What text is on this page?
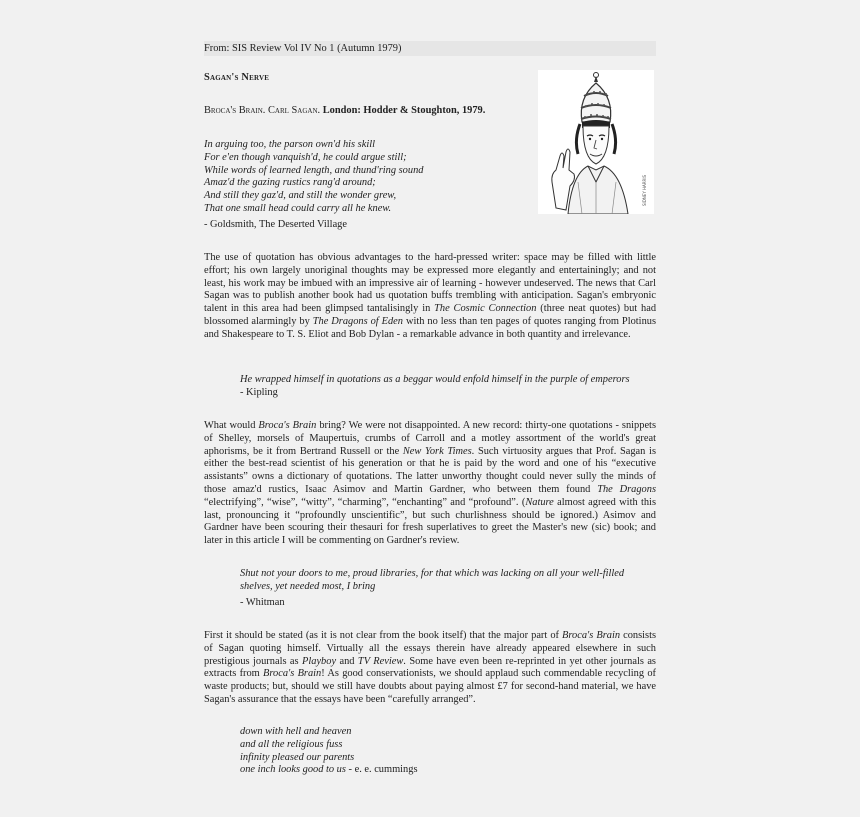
From: SIS Review Vol IV No 1 (Autumn 1979)
Sagan's Nerve
Broca's Brain. Carl Sagan. London: Hodder & Stoughton, 1979.
In arguing too, the parson own'd his skill
For e'en though vanquish'd, he could argue still;
While words of learned length, and thund'ring sound
Amaz'd the gazing rustics rang'd around;
And still they gaz'd, and still the wonder grew,
That one small head could carry all he knew.
- Goldsmith, The Deserted Village
SIDNEY HARRIS
The use of quotation has obvious advantages to the hard-pressed writer: space may be filled with little effort; his own largely unoriginal thoughts may be expressed more elegantly and entertainingly; and not least, his work may be imbued with an impressive air of learning - however undeserved. The news that Carl Sagan was to publish another book had us quotation buffs trembling with anticipation. Sagan's embryonic talent in this area had been glimpsed tantalisingly in The Cosmic Connection (three neat quotes) but had blossomed alarmingly by The Dragons of Eden with no less than ten pages of quotes ranging from Plotinus and Shakespeare to T. S. Eliot and Bob Dylan - a remarkable advance in both quantity and irrelevance.
He wrapped himself in quotations as a beggar would enfold himself in the purple of emperors
- Kipling
What would Broca's Brain bring? We were not disappointed. A new record: thirty-one quotations - snippets of Shelley, morsels of Maupertuis, crumbs of Carroll and a motley assortment of the world's great aphorisms, be it from Bertrand Russell or the New York Times. Such virtuosity argues that Prof. Sagan is either the best-read scientist of his generation or that he is paid by the word and one of his “executive assistants” owns a dictionary of quotations. The latter unworthy thought could never sully the minds of those amaz'd rustics, Isaac Asimov and Martin Gardner, who between them found The Dragons “electrifying”, “wise”, “witty”, “charming”, “enchanting” and “profound”. (Nature almost agreed with this last, pronouncing it “profoundly unscientific”, but such churlishness should be ignored.) Asimov and Gardner have been scouring their thesauri for fresh superlatives to greet the Master's new (sic) book; and later in this article I will be commenting on Gardner's review.
Shut not your doors to me, proud libraries, for that which was lacking on all your well-filled shelves, yet needed most, I bring
- Whitman
First it should be stated (as it is not clear from the book itself) that the major part of Broca's Brain consists of Sagan quoting himself. Virtually all the essays therein have already appeared elsewhere in such prestigious journals as Playboy and TV Review. Some have even been re-reprinted in yet other journals as extracts from Broca's Brain! As good conservationists, we should applaud such commendable recycling of waste products; but, should we still have doubts about paying almost £7 for second-hand material, we have Sagan's assurance that the essays have been “carefully arranged”.
down with hell and heaven
and all the religious fuss
infinity pleased our parents
one inch looks good to us - e. e. cummings
